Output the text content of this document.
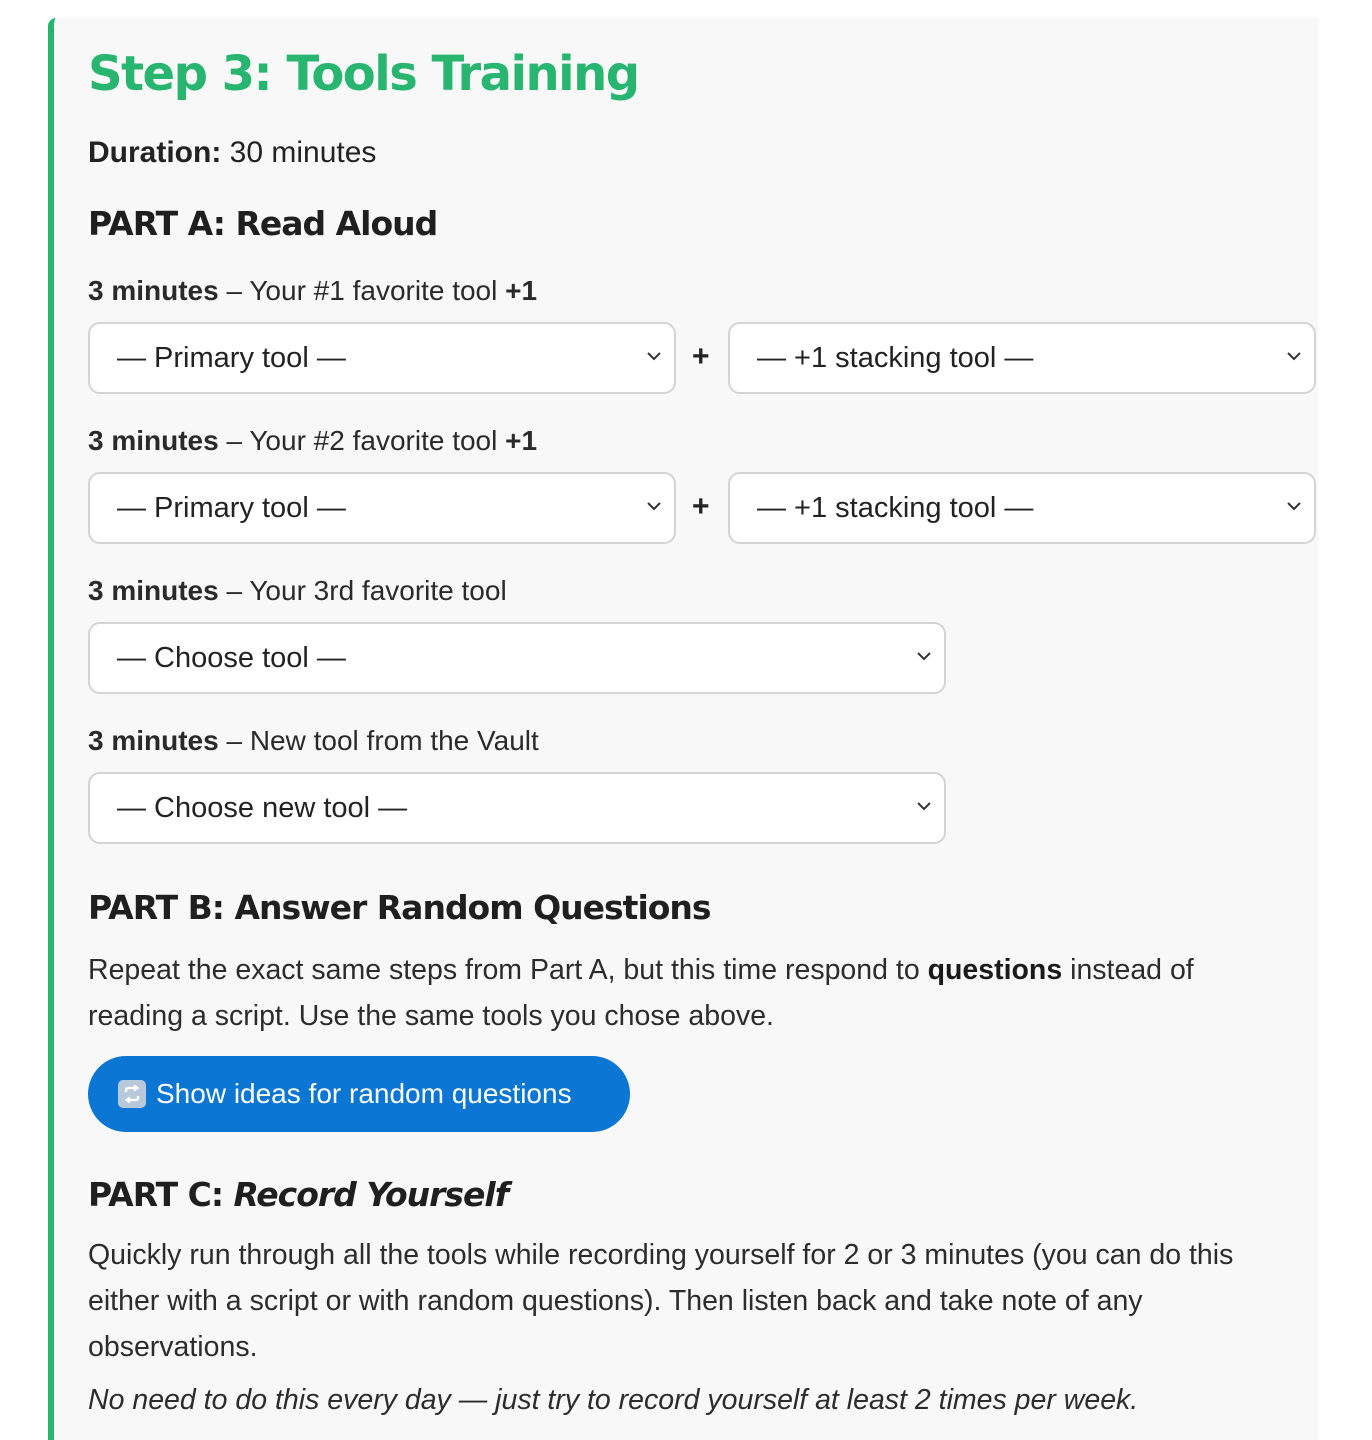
Step 3: Tools Training
Duration: 30 minutes
PART A: Read Aloud
3 minutes – Your #1 favorite tool +1
— Primary tool —	+ — +1 stacking tool —
3 minutes – Your #2 favorite tool +1
— Primary tool —	+ — +1 stacking tool —
3 minutes – Your 3rd favorite tool
— Choose tool —
3 minutes – New tool from the Vault
— Choose new tool —
PART B: Answer Random Questions

Repeat the exact same steps from Part A, but this time respond to questions instead of reading a script. Use the same tools you chose above.

Show ideas for random questions
PART C: Record Yourself

Quickly run through all the tools while recording yourself for 2 or 3 minutes (you can do this either with a script or with random questions). Then listen back and take note of any observations.

No need to do this every day — just try to record yourself at least 2 times per week.
